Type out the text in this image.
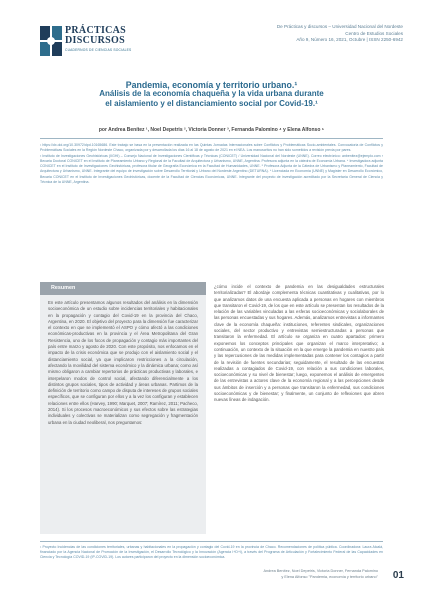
PRÁCTICAS
DISCURSOS
CUADERNOS DE CIENCIAS SOCIALES
De Prácticas y discursos – Universidad Nacional del Nordeste
Centro de Estudios Sociales
Año 9, Número 16, 2021, Octubre | ISSN 2250-6942
Pandemia, economía y territorio urbano.¹
Análisis de la economía chaqueña y la vida urbana durante
el aislamiento y el distanciamiento social por Covid-19.¹
por Andrea Benítez ¹, Noel Depetris ², Victoria Donner ³, Fernanda Palomino ⁴ y Elena Alfonso ⁵
¹ https://dx.doi.org/10.30972/dpd.10165686. Este trabajo se basa en la presentación realizada en las Quintas Jornadas Internacionales sobre Conflictos y Problemáticas Socio-ambientales. Convocatoria de Conflictos y Problemáticas Sociales en la Región Nordeste Chaco, organizada por y desarrollada los días 16 al 18 de agosto de 2021 en el NEA. Los manuscritos no han sido sometidos a revisión previa por pares.
² Instituto de Investigaciones Geohistóricas (IIGHI) – Consejo Nacional de Investigaciones Científicas y Técnicas (CONICET) / Universidad Nacional del Nordeste (UNNE). Correo electrónico: anbenitez@ejemplo.com ³ Becaria Doctoral CONICET en el Instituto de Planeamiento Urbano y Regional de la Facultad de Arquitectura y Urbanismo, UNNE, Argentina. Profesora adjunta en la cátedra de Economía Urbana. ⁴ Investigadora adjunta CONICET en el Instituto de Investigaciones Geohistóricas, profesora titular de Geografía Económica en la Facultad de Humanidades, UNNE. ⁵ Profesora Adjunta de la Cátedra de Urbanismo y Planeamiento, Facultad de Arquitectura y Urbanismo, UNNE. Integrante del equipo de investigación sobre Desarrollo Territorial y Urbano del Nordeste Argentino (DETURNA). ⁶ Licenciada en Economía (UNNE) y Magíster en Desarrollo Económico, Becaria CONICET en el Instituto de Investigaciones Geohistóricas, docente de la Facultad de Ciencias Económicas, UNNE. Integrante del proyecto de investigación acreditado por la Secretaría General de Ciencia y Técnica de la UNNE, Argentina.
Resumen
En este artículo presentamos algunos resultados del análisis en la dimensión socioeconómica de un estudio sobre incidencias territoriales y habitacionales en la propagación y contagio del Covid-19 en la provincia del Chaco, Argentina, en 2020. El objetivo del proyecto para la dimensión fue caracterizar el contexto en que se implementó el ASPO y cómo afectó a las condiciones económicas-productivas en la provincia y el Área Metropolitana del Gran Resistencia, uno de los focos de propagación y contagio más importantes del país entre marzo y agosto de 2020. Con este propósito, nos enfocamos en el impacto de la crisis económica que se produjo con el aislamiento social y el distanciamiento social, ya que implicaron restricciones a la circulación, afectando la movilidad del sistema económico y la dinámica urbana; como así mismo obligaron a cambiar repertorios de prácticas productivas y laborales, e interpelaron modos de control social, afectando diferencialmente a los distintos grupos sociales, tipos de actividad y áreas urbanas. Partimos de la definición de territorio como campo de disputa de intereses de grupos sociales específicos, que se configuran por ellos y a la vez los configuran y establecen relaciones entre ellos (Harvey, 1990; Marquet, 2007; Ramírez, 2011; Pacheco, 2014). Si los procesos macroeconómicos y sus efectos sobre las estrategias individuales y colectivas se materializan como segregación y fragmentación urbana en la ciudad neoliberal, nos preguntamos:
¿cómo incide el contexto de pandemia en las desigualdades estructurales territorializadas? El abordaje complementa técnicas cuantitativas y cualitativas, por lo que analizamos datos de una encuesta aplicada a personas en hogares con miembros que transitaron el Covid-19, de los que en este artículo se presentan los resultados de la relación de las variables vinculadas a las esferas socioeconómicas y sociolaborales de las personas encuestadas y sus hogares. Además, analizamos entrevistas a informantes clave de la economía chaqueña: instituciones, referentes sindicales, organizaciones sociales, del sector productivo y entrevistas semiestructuradas a personas que transitaron la enfermedad. El artículo se organiza en cuatro apartados: primero exponemos los conceptos principales que organizan el marco interpretativo; a continuación, un contexto de la situación en la que emerge la pandemia en nuestro país y las repercusiones de las medidas implementadas para contener los contagios a partir de la revisión de fuentes secundarias; seguidamente, el resultado de las encuestas realizadas a contagiados de Covid-19, con relación a sus condiciones laborales, socioeconómicas y su nivel de bienestar; luego, exponemos el análisis de emergentes de las entrevistas a actores clave de la economía regional y a las percepciones desde sus ámbitos de inserción y a personas que transitaron la enfermedad, sus condiciones socioeconómicas y de bienestar; y finalmente, un conjunto de reflexiones que abren nuevas líneas de indagación.
¹ Proyecto Incidencias de las condiciones territoriales, urbanas y habitacionales en la propagación y contagio del Covid-19 en la provincia de Chaco. Recomendaciones de política pública. Coordinadora: Laura Alcalá, financiado por la Agencia Nacional de Promoción de la Investigación, el Desarrollo Tecnológico y la Innovación (Agencia I+D+i), a través del Programa de Articulación y Fortalecimiento Federal de las Capacidades en Ciencia y Tecnología COVID-19 (IP-COVID-19). Los autores participaron del proyecto en la dimensión socioeconómica.
Andrea Benítez, Noel Depetris, Victoria Donner, Fernanda Palomino
y Elena Alfonso "Pandemia, economía y territorio urbano" 01
